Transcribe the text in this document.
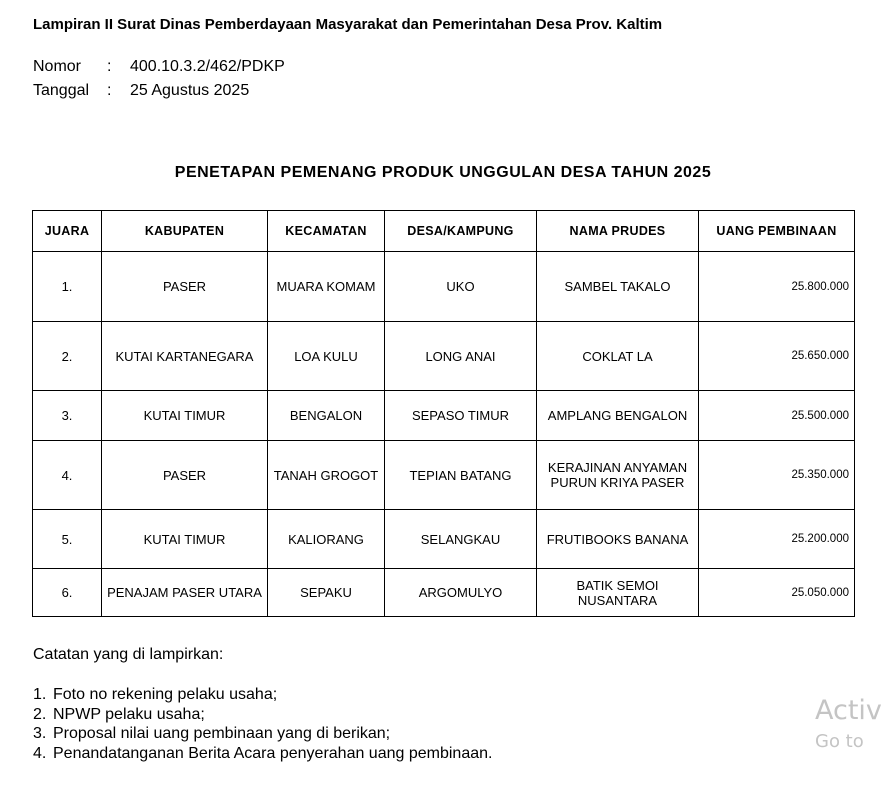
Lampiran II Surat Dinas Pemberdayaan Masyarakat dan Pemerintahan Desa Prov. Kaltim
Nomor : 400.10.3.2/462/PDKP
Tanggal : 25 Agustus 2025
PENETAPAN PEMENANG PRODUK UNGGULAN DESA TAHUN 2025
JUARA	KABUPATEN	KECAMATAN	DESA/KAMPUNG	NAMA PRUDES	UANG PEMBINAAN
1.	PASER	MUARA KOMAM	UKO	SAMBEL TAKALO	25.800.000
2.	KUTAI KARTANEGARA	LOA KULU	LONG ANAI	COKLAT LA	25.650.000
3.	KUTAI TIMUR	BENGALON	SEPASO TIMUR	AMPLANG BENGALON	25.500.000
4.	PASER	TANAH GROGOT	TEPIAN BATANG	KERAJINAN ANYAMAN PURUN KRIYA PASER	25.350.000
5.	KUTAI TIMUR	KALIORANG	SELANGKAU	FRUTIBOOKS BANANA	25.200.000
6.	PENAJAM PASER UTARA	SEPAKU	ARGOMULYO	BATIK SEMOI NUSANTARA	25.050.000
Catatan yang di lampirkan:
1. Foto no rekening pelaku usaha;
2. NPWP pelaku usaha;
3. Proposal nilai uang pembinaan yang di berikan;
4. Penandatanganan Berita Acara penyerahan uang pembinaan.
Activ
Go to
